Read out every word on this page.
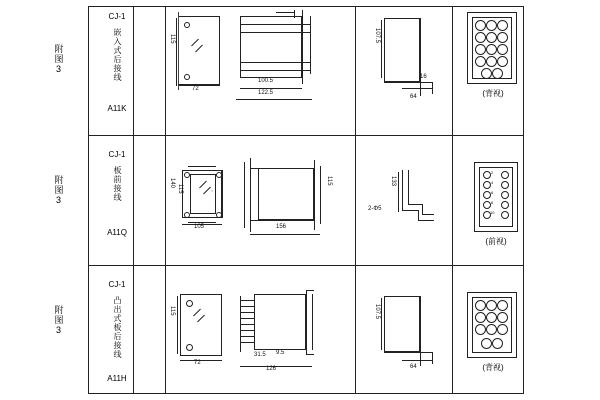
附图3
CJ-1
嵌入式后接线
A11K
115
72
100.5
122.5
107.5
16
64	(背视)
附图3
CJ-1
板前接线
A11Q
::
140
115
105
115
156
133
2-Φ5
2
4
6
8
10
(前视)
附图3
CJ-1
凸出式板后接线
A11H
115
72
31.5 9.5
126
107.5
64	(背视)
